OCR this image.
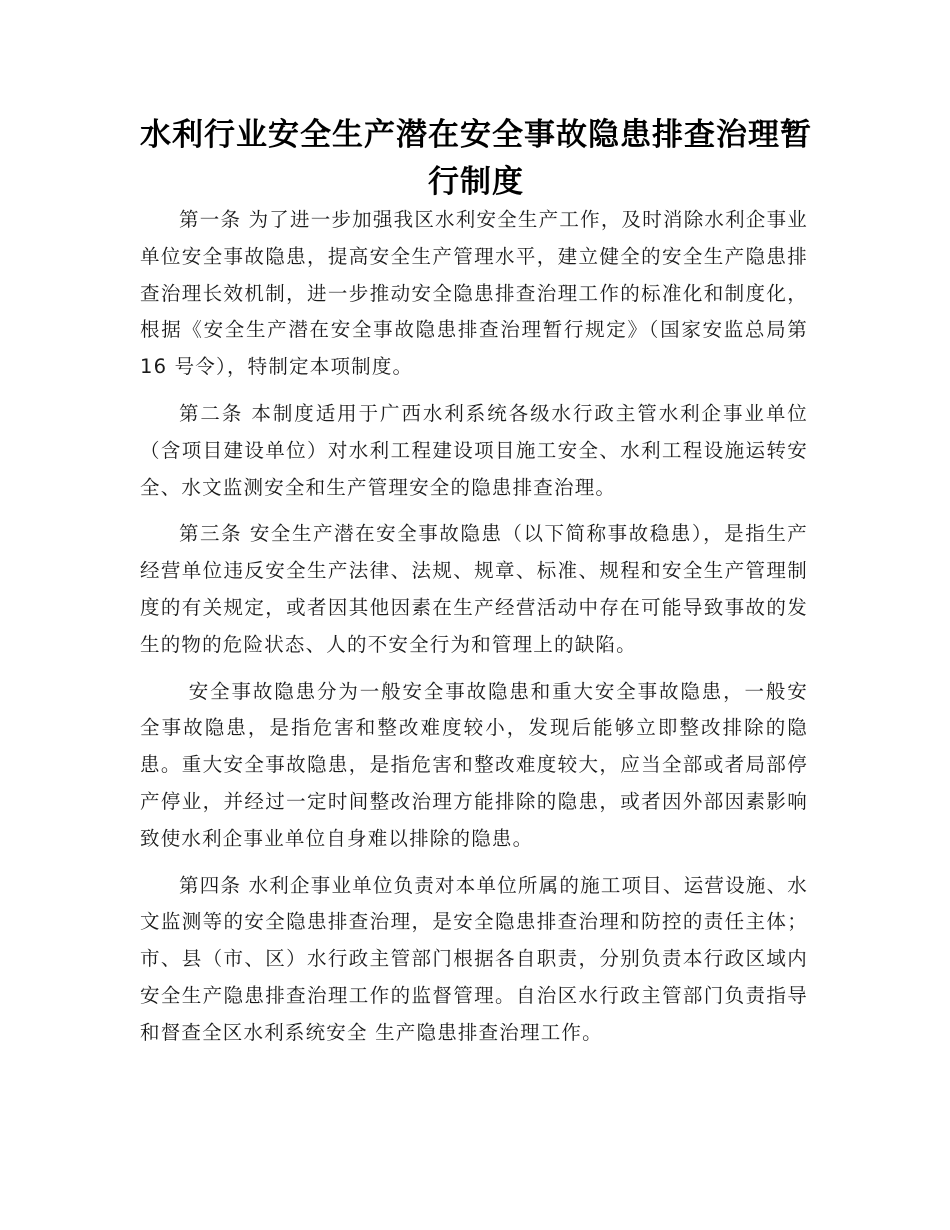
水利行业安全生产潜在安全事故隐患排查治理暂行制度

第一条 为了进一步加强我区水利安全生产工作，及时消除水利企事业单位安全事故隐患，提高安全生产管理水平，建立健全的安全生产隐患排查治理长效机制，进一步推动安全隐患排查治理工作的标准化和制度化，根据《安全生产潜在安全事故隐患排查治理暂行规定》（国家安监总局第 16 号令），特制定本项制度。

第二条 本制度适用于广西水利系统各级水行政主管水利企事业单位（含项目建设单位）对水利工程建设项目施工安全、水利工程设施运转安全、水文监测安全和生产管理安全的隐患排查治理。

第三条 安全生产潜在安全事故隐患（以下简称事故稳患），是指生产经营单位违反安全生产法律、法规、规章、标准、规程和安全生产管理制度的有关规定，或者因其他因素在生产经营活动中存在可能导致事故的发生的物的危险状态、人的不安全行为和管理上的缺陷。

安全事故隐患分为一般安全事故隐患和重大安全事故隐患，一般安全事故隐患，是指危害和整改难度较小，发现后能够立即整改排除的隐患。重大安全事故隐患，是指危害和整改难度较大，应当全部或者局部停产停业，并经过一定时间整改治理方能排除的隐患，或者因外部因素影响致使水利企事业单位自身难以排除的隐患。

第四条 水利企事业单位负责对本单位所属的施工项目、运营设施、水文监测等的安全隐患排查治理，是安全隐患排查治理和防控的责任主体；市、县（市、区）水行政主管部门根据各自职责，分别负责本行政区域内安全生产隐患排查治理工作的监督管理。自治区水行政主管部门负责指导和督查全区水利系统安全 生产隐患排查治理工作。
